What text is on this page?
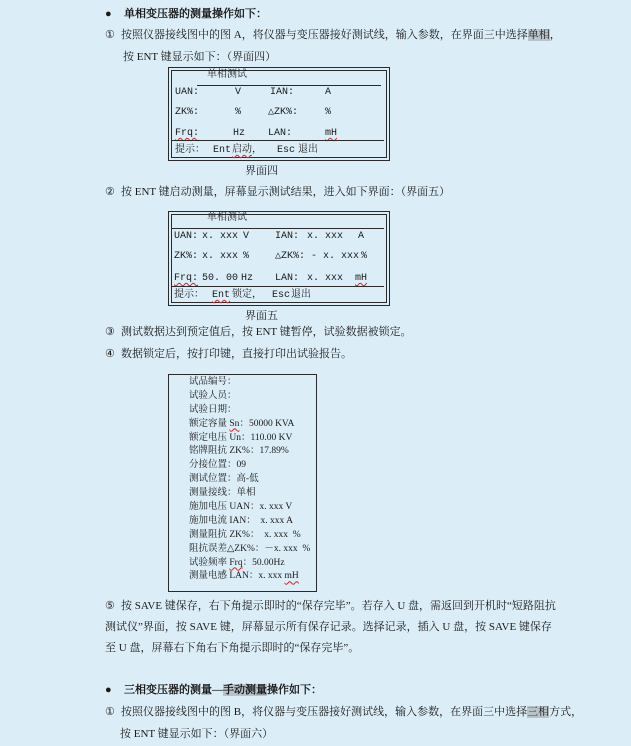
● 单相变压器的测量操作如下：
① 按照仪器接线图中的图 A，将仪器与变压器接好测试线，输入参数，在界面三中选择单相，
按 ENT 键显示如下：（界面四）
单相测试
UAN:	V	IAN:	A
ZK%:	%	△ZK%:	%
Frq:	Hz LAN:	mH
提示： Ent 启动 ， Esc 退出
界面四
② 按 ENT 键启动测量，屏幕显示测试结果，进入如下界面：（界面五）
单相测试
UAN: x. xxx V	IAN: x. xxx A
ZK%: x. xxx %	△ZK%: - x. xxx %
Frq: 50. 00 Hz LAN: x. xxx mH
提示： Ent 锁定， Esc 退出
界面五
③ 测试数据达到预定值后，按 ENT 键暂停，试验数据被锁定。
④ 数据锁定后，按打印键，直接打印出试验报告。
试品编号：
试验人员：
试验日期：
额定容量 Sn：50000 KVA
额定电压 Un：110.00 KV
铭牌阻抗 ZK%：17.89%
分接位置：09
测试位置：高-低
测量接线：单相
施加电压 UAN：x. xxx V
施加电流 IAN：  x. xxx A
测量阻抗 ZK%：  x. xxx  %
阻抗误差△ZK%：－x. xxx  %
试验频率 Frq：50.00Hz
测量电感 LAN：x. xxx mH
⑤ 按 SAVE 键保存，右下角提示即时的“保存完毕”。若存入 U 盘，需返回到开机时“短路阻抗
测试仪”界面，按 SAVE 键，屏幕显示所有保存记录。选择记录，插入 U 盘，按 SAVE 键保存
至 U 盘，屏幕右下角右下角提示即时的“保存完毕”。
● 三相变压器的测量—手动测量操作如下：
① 按照仪器接线图中的图 B，将仪器与变压器接好测试线，输入参数，在界面三中选择三相方式，
按 ENT 键显示如下：（界面六）
